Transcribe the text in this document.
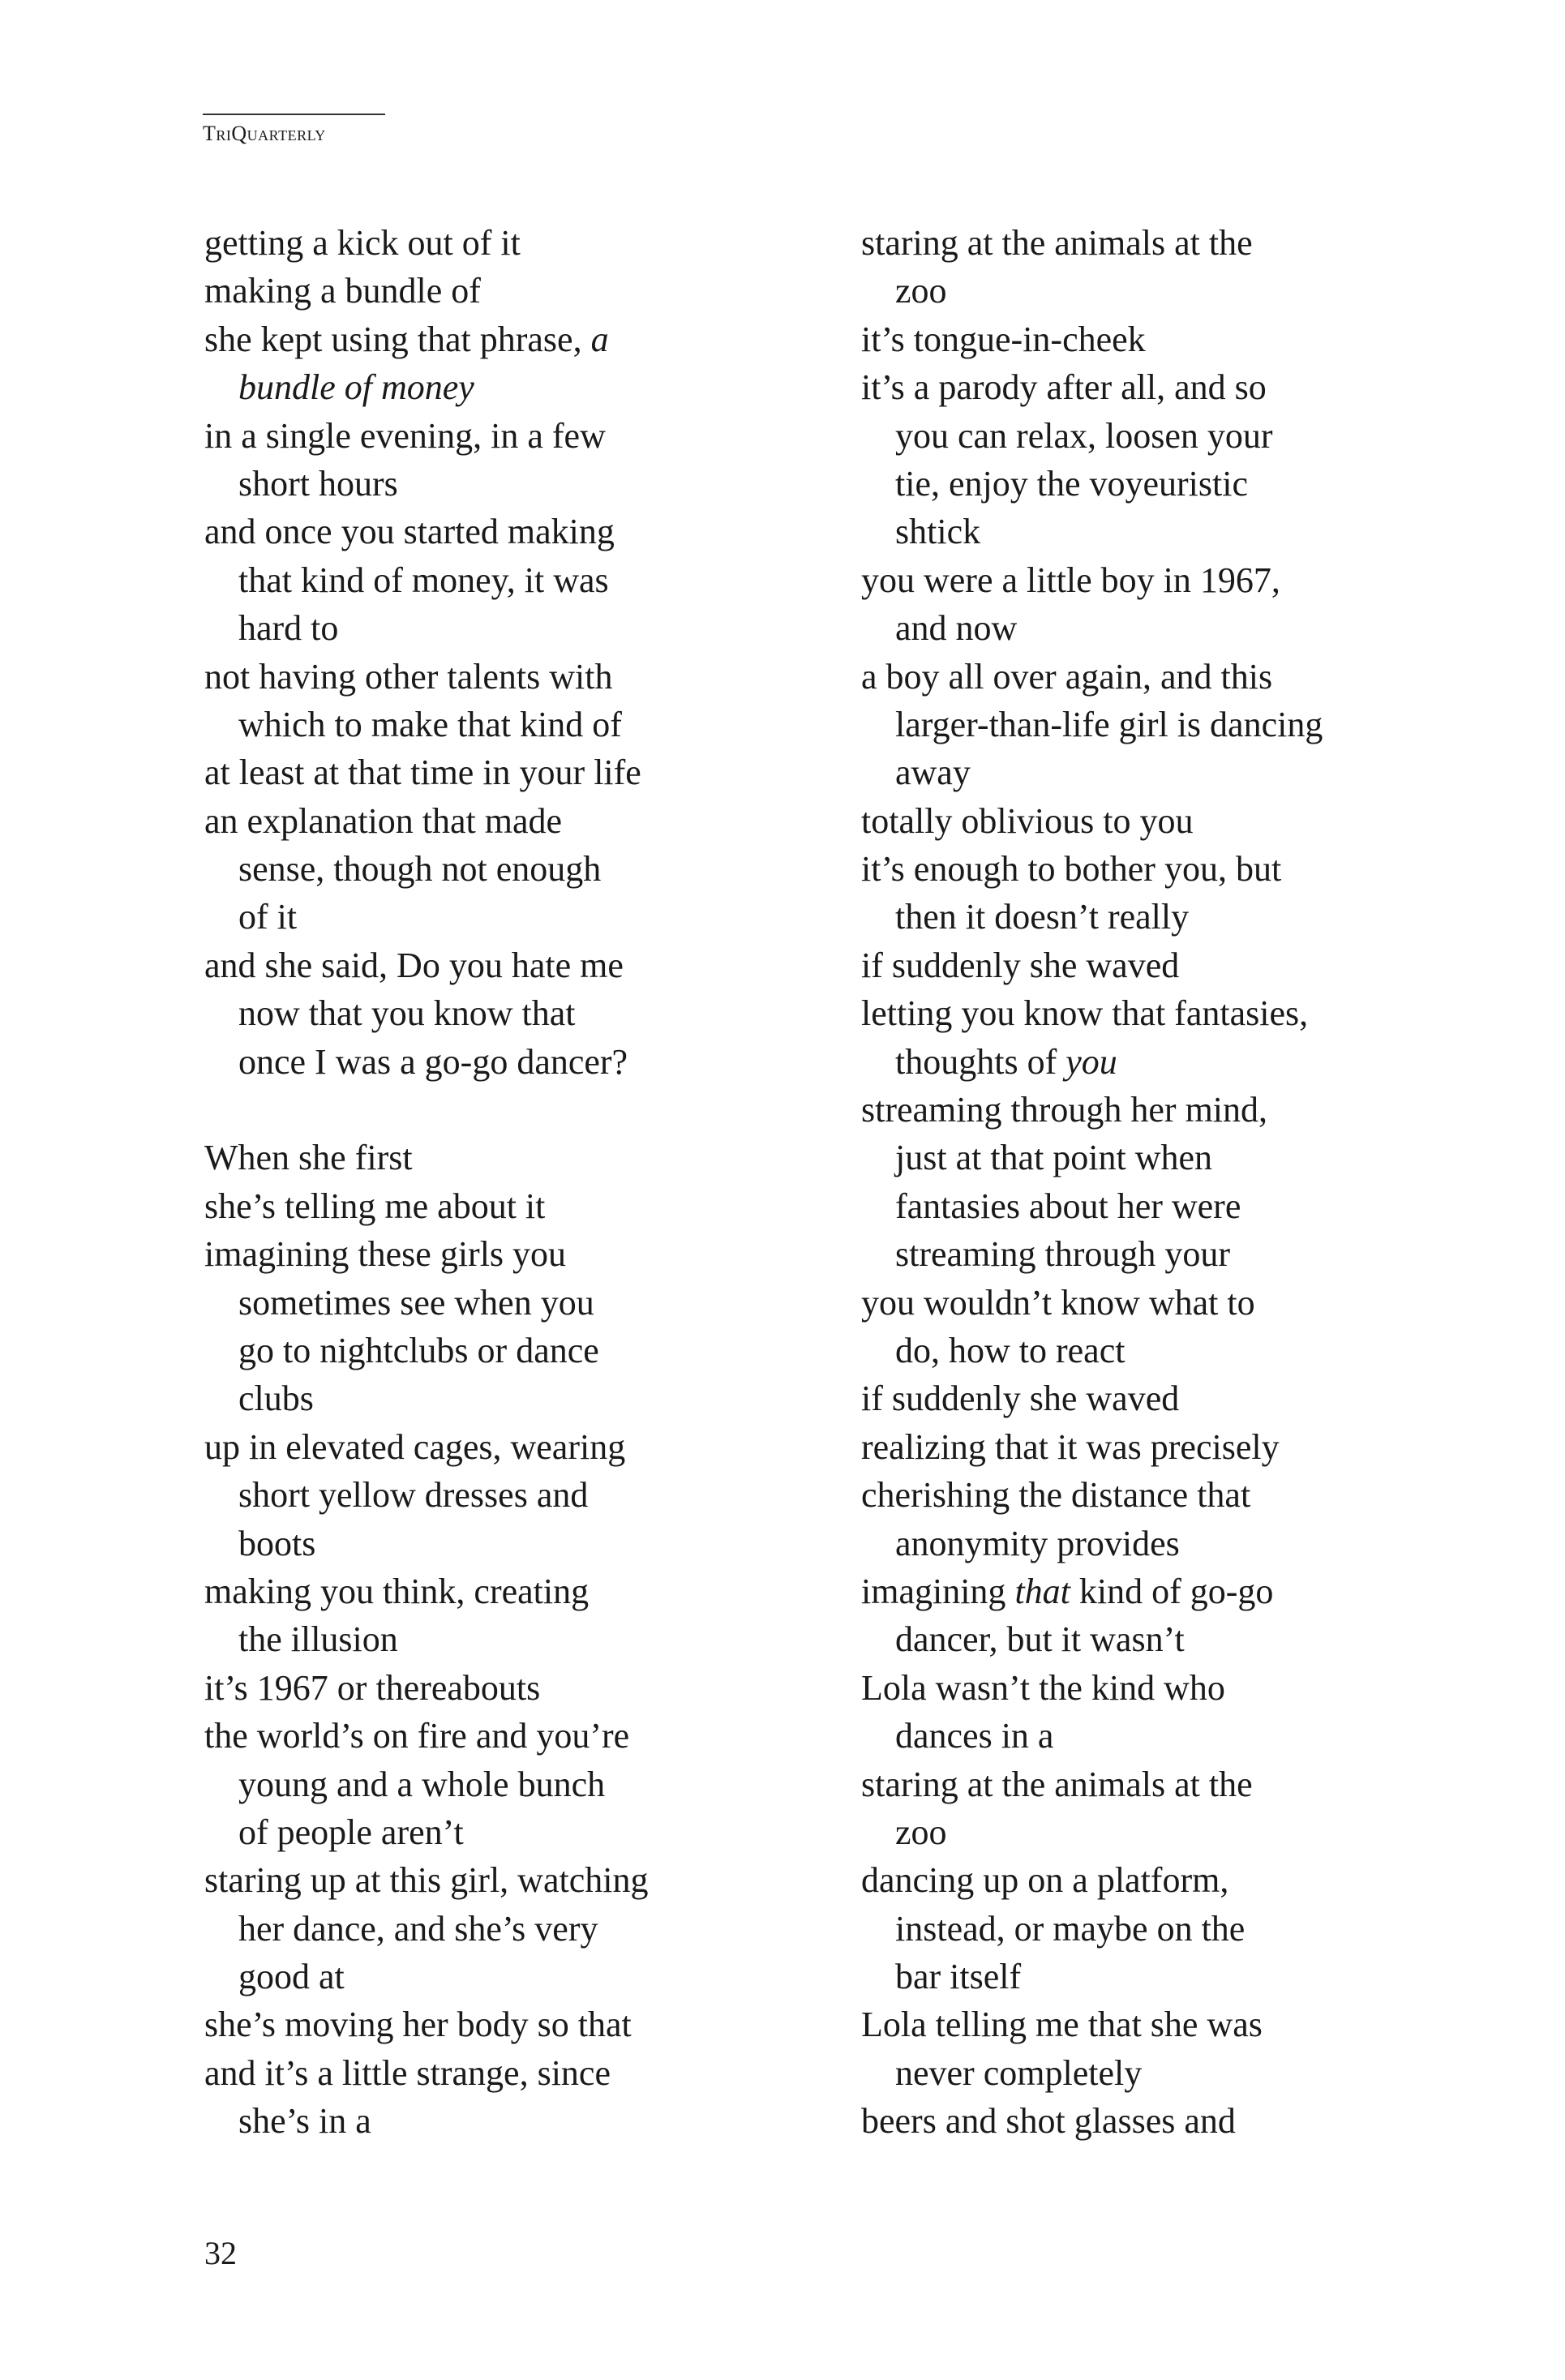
TriQuarterly
getting a kick out of it
making a bundle of
she kept using that phrase, a
bundle of money
in a single evening, in a few
short hours
and once you started making
that kind of money, it was
hard to
not having other talents with
which to make that kind of
at least at that time in your life
an explanation that made
sense, though not enough
of it
and she said, Do you hate me
now that you know that
once I was a go-go dancer?
When she first
she’s telling me about it
imagining these girls you
sometimes see when you
go to nightclubs or dance
clubs
up in elevated cages, wearing
short yellow dresses and
boots
making you think, creating
the illusion
it’s 1967 or thereabouts
the world’s on fire and you’re
young and a whole bunch
of people aren’t
staring up at this girl, watching
her dance, and she’s very
good at
she’s moving her body so that
and it’s a little strange, since
she’s in a
staring at the animals at the
zoo
it’s tongue-in-cheek
it’s a parody after all, and so
you can relax, loosen your
tie, enjoy the voyeuristic
shtick
you were a little boy in 1967,
and now
a boy all over again, and this
larger-than-life girl is dancing
away
totally oblivious to you
it’s enough to bother you, but
then it doesn’t really
if suddenly she waved
letting you know that fantasies,
thoughts of you
streaming through her mind,
just at that point when
fantasies about her were
streaming through your
you wouldn’t know what to
do, how to react
if suddenly she waved
realizing that it was precisely
cherishing the distance that
anonymity provides
imagining that kind of go-go
dancer, but it wasn’t
Lola wasn’t the kind who
dances in a
staring at the animals at the
zoo
dancing up on a platform,
instead, or maybe on the
bar itself
Lola telling me that she was
never completely
beers and shot glasses and
32
